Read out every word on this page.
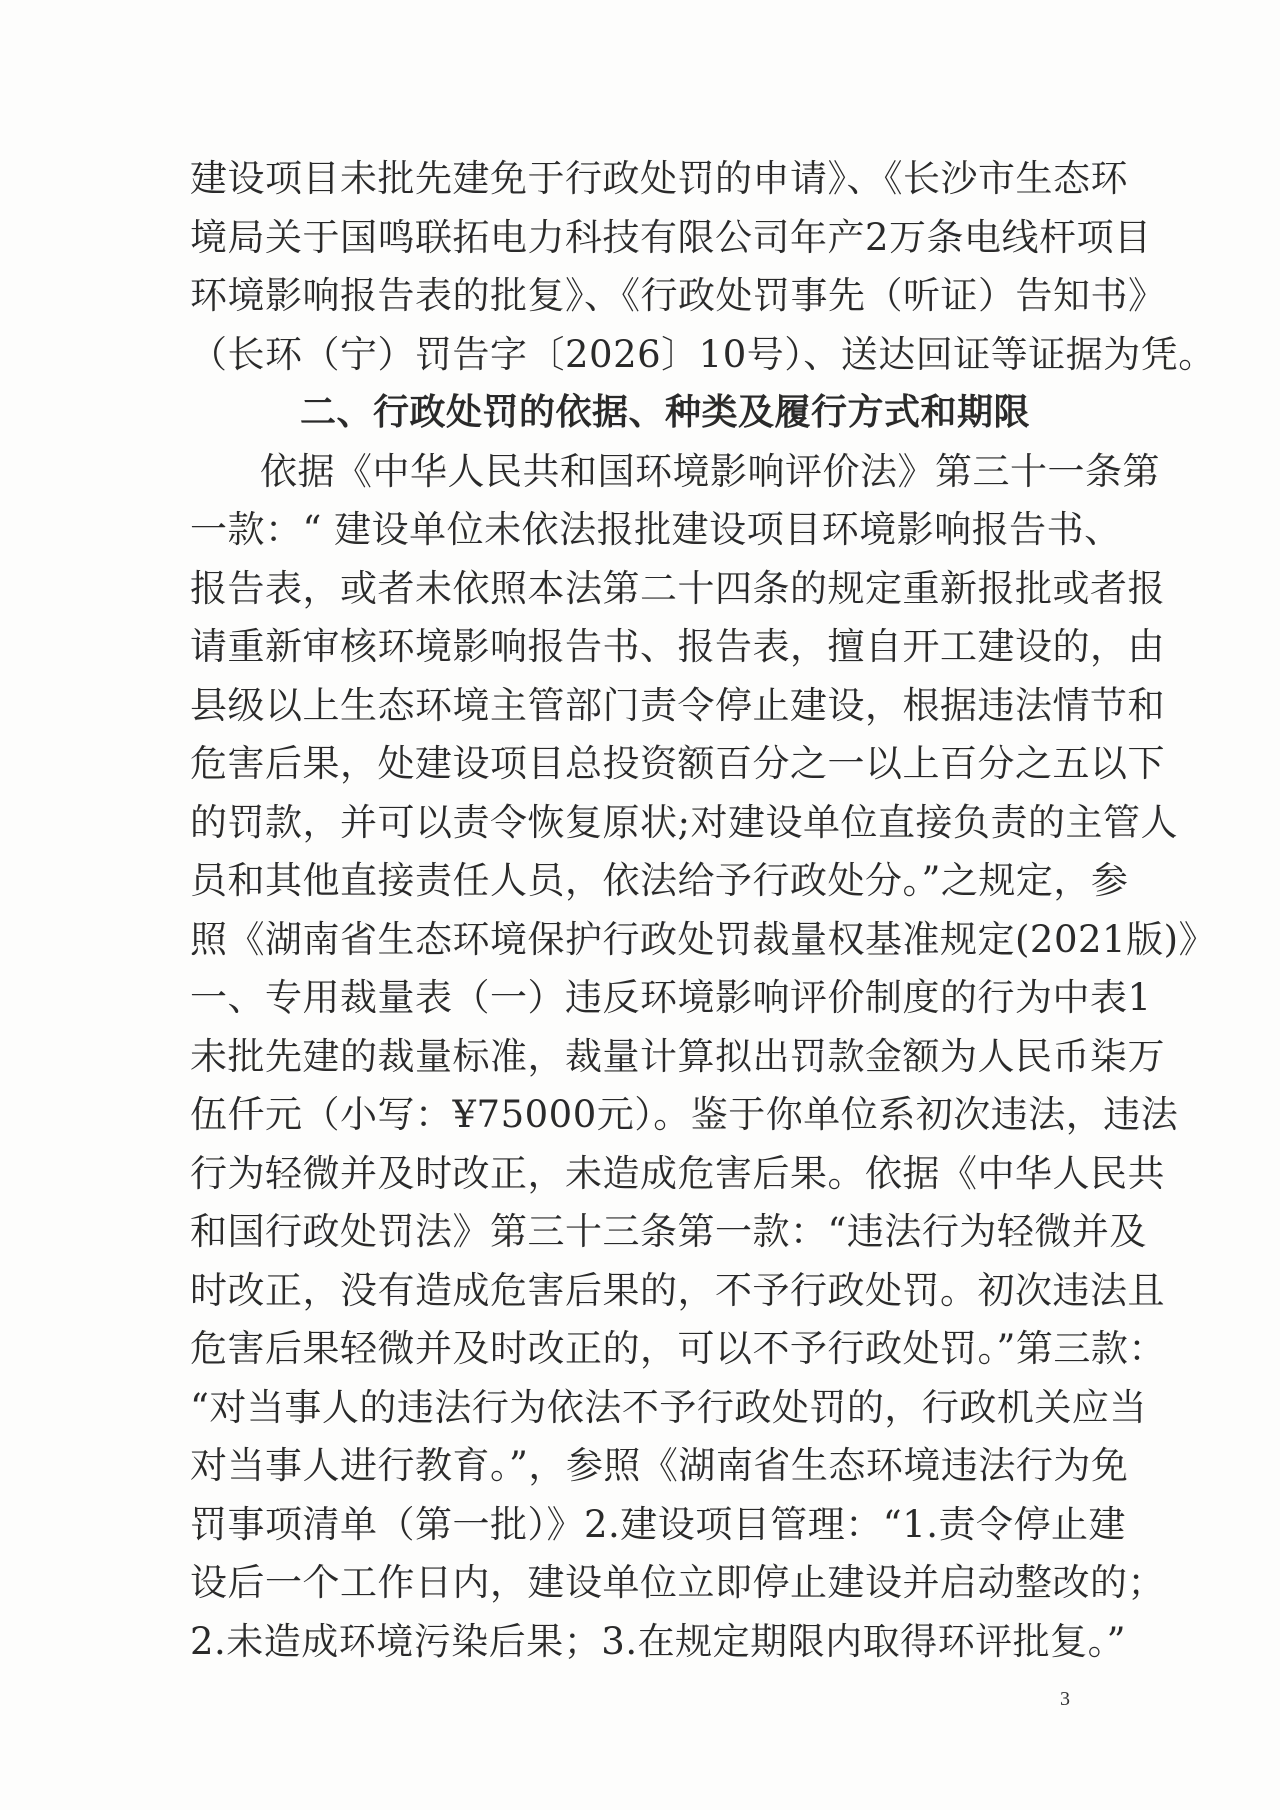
建设项目未批先建免于行政处罚的申请》、《长沙市生态环
境局关于国鸣联拓电力科技有限公司年产2万条电线杆项目
环境影响报告表的批复》、《行政处罚事先（听证）告知书》
（长环（宁）罚告字〔2026〕10号）、送达回证等证据为凭。
二、行政处罚的依据、种类及履行方式和期限
依据《中华人民共和国环境影响评价法》第三十一条第
一款：“ 建设单位未依法报批建设项目环境影响报告书、
报告表，或者未依照本法第二十四条的规定重新报批或者报
请重新审核环境影响报告书、报告表，擅自开工建设的，由
县级以上生态环境主管部门责令停止建设，根据违法情节和
危害后果，处建设项目总投资额百分之一以上百分之五以下
的罚款，并可以责令恢复原状;对建设单位直接负责的主管人
员和其他直接责任人员，依法给予行政处分。”之规定，参
照《湖南省生态环境保护行政处罚裁量权基准规定(2021版)》
一、专用裁量表（一）违反环境影响评价制度的行为中表1
未批先建的裁量标准，裁量计算拟出罚款金额为人民币柒万
伍仟元（小写：¥75000元）。鉴于你单位系初次违法，违法
行为轻微并及时改正，未造成危害后果。依据《中华人民共
和国行政处罚法》第三十三条第一款：“违法行为轻微并及
时改正，没有造成危害后果的，不予行政处罚。初次违法且
危害后果轻微并及时改正的，可以不予行政处罚。”第三款：
“对当事人的违法行为依法不予行政处罚的，行政机关应当
对当事人进行教育。”，参照《湖南省生态环境违法行为免
罚事项清单（第一批）》2.建设项目管理：“1.责令停止建
设后一个工作日内，建设单位立即停止建设并启动整改的；
2.未造成环境污染后果；3.在规定期限内取得环评批复。”
3
